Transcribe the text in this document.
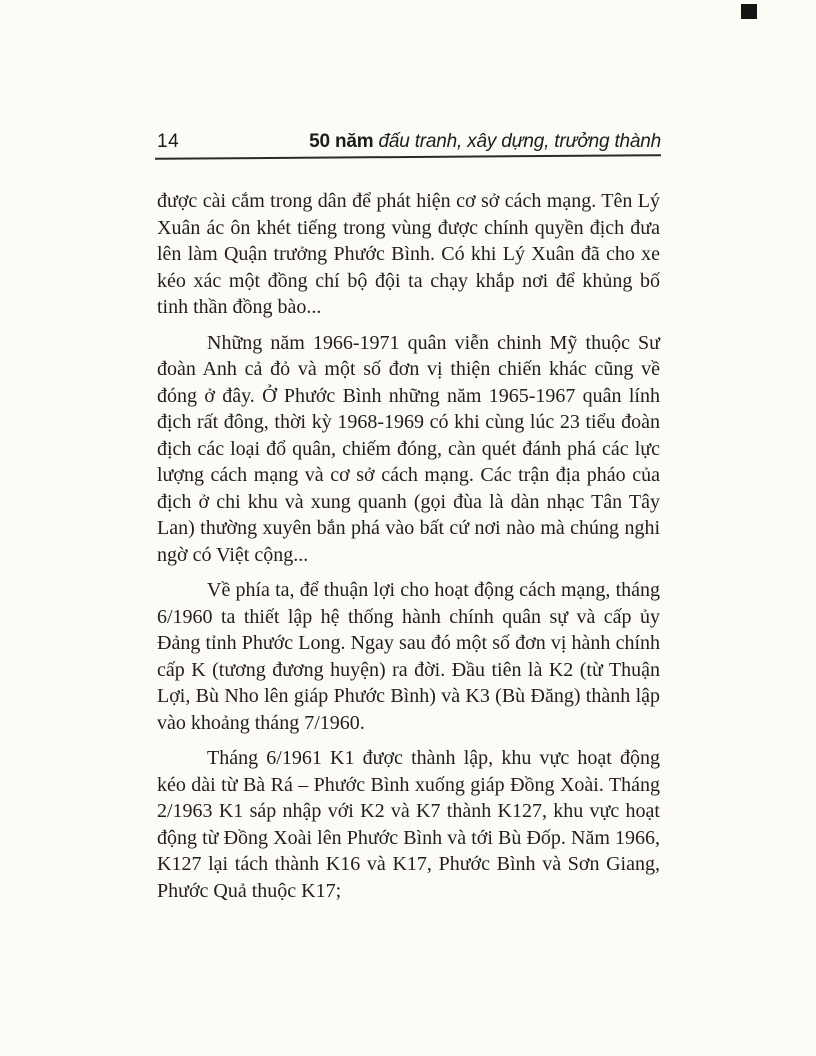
14	50 năm đấu tranh, xây dựng, trưởng thành

được cài cắm trong dân để phát hiện cơ sở cách mạng. Tên Lý Xuân ác ôn khét tiếng trong vùng được chính quyền địch đưa lên làm Quận trưởng Phước Bình. Có khi Lý Xuân đã cho xe kéo xác một đồng chí bộ đội ta chạy khắp nơi để khủng bố tinh thần đồng bào...

Những năm 1966-1971 quân viễn chinh Mỹ thuộc Sư đoàn Anh cả đỏ và một số đơn vị thiện chiến khác cũng về đóng ở đây. Ở Phước Bình những năm 1965-1967 quân lính địch rất đông, thời kỳ 1968-1969 có khi cùng lúc 23 tiểu đoàn địch các loại đổ quân, chiếm đóng, càn quét đánh phá các lực lượng cách mạng và cơ sở cách mạng. Các trận địa pháo của địch ở chi khu và xung quanh (gọi đùa là dàn nhạc Tân Tây Lan) thường xuyên bắn phá vào bất cứ nơi nào mà chúng nghi ngờ có Việt cộng...

Về phía ta, để thuận lợi cho hoạt động cách mạng, tháng 6/1960 ta thiết lập hệ thống hành chính quân sự và cấp ủy Đảng tỉnh Phước Long. Ngay sau đó một số đơn vị hành chính cấp K (tương đương huyện) ra đời. Đầu tiên là K2 (từ Thuận Lợi, Bù Nho lên giáp Phước Bình) và K3 (Bù Đăng) thành lập vào khoảng tháng 7/1960.

Tháng 6/1961 K1 được thành lập, khu vực hoạt động kéo dài từ Bà Rá – Phước Bình xuống giáp Đồng Xoài. Tháng 2/1963 K1 sáp nhập với K2 và K7 thành K127, khu vực hoạt động từ Đồng Xoài lên Phước Bình và tới Bù Đốp. Năm 1966, K127 lại tách thành K16 và K17, Phước Bình và Sơn Giang, Phước Quả thuộc K17;
